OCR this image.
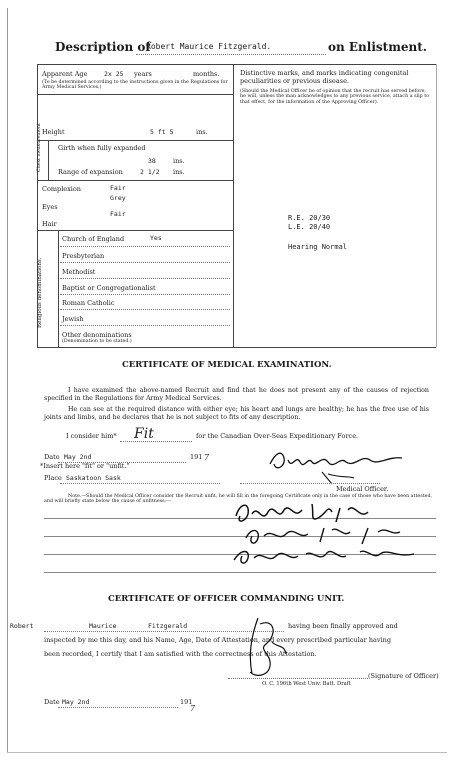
Description of
Robert Maurice Fitzgerald.	on Enlistment.
Apparent Age	2x 25 years	months.
(To be determined according to the instructions given in the Regulations for Army Medical Services.)
Height	5 ft 5	ins.
Chest measurement Girth when fully expanded
38	ins.
Range of expansion	2 1/2 ins.
Complexion	Fair
Eyes
Grey
Hair
Fair
Religious denominations.
Church of England	Yes
Presbyterian
Methodist
Baptist or Congregationalist
Roman Catholic
Jewish
Other denominations
(Denomination to be stated.)
Distinctive marks, and marks indicating congenital peculiarities or previous disease.
(Should the Medical Officer be of opinion that the recruit has served before, he will, unless the man acknowledges to any previous service, attach a slip to that effect, for the information of the Approving Officer).
R.E. 20/30
L.E. 20/40
Hearing Normal
CERTIFICATE OF MEDICAL EXAMINATION.
I have examined the above-named Recruit and find that he does not present any of the causes of rejection specified in the Regulations for Army Medical Services.
He can see at the required distance with either eye; his heart and lungs are healthy; he has the free use of his joints and limbs, and he declares that he is not subject to fits of any description.
I consider him* Fit	for the Canadian Over-Seas Expeditionary Force.
Date May 2nd	191 7
*Insert here "fit" or "unfit."
Place Saskatoon Sask
Medical Officer.
Note.—Should the Medical Officer consider the Recruit unfit, he will fill in the foregoing Certificate only in the case of those who have been attested, and will briefly state below the cause of unfitness:—
CERTIFICATE OF OFFICER COMMANDING UNIT.
Robert	Maurice	Fitzgerald	having been finally approved and
inspected by me this day, and his Name, Age, Date of Attestation, and every prescribed particular having
been recorded, I certify that I am satisfied with the correctness of this Attestation.
(Signature of Officer)
O. C. 196th West Univ. Batt. Draft
Date May 2nd	191
7
